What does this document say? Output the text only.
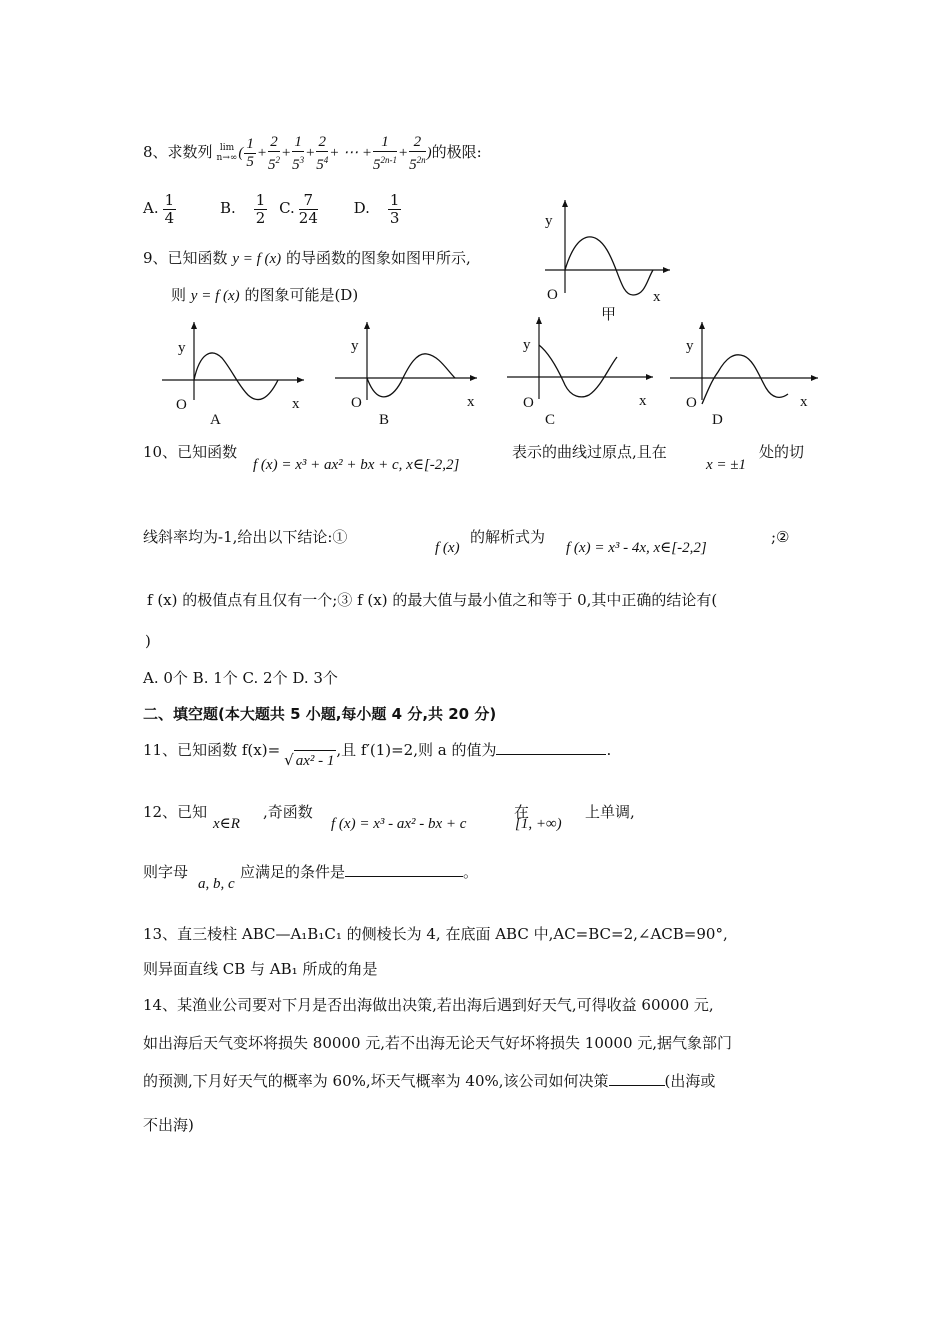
8、求数列 lim
n→∞ ( $\frac{1}{5} + \frac{2}{5^2} + \frac{1}{5^3} + \frac{2}{5^4}$ + ⋯ + $\frac{1}{5^{2n-1}} + \frac{2}{5^{2n}}$ )的极限:
A. $\frac{1}{4}$	B. $\frac{1}{2} C$. $\frac{7}{24} D$. $\frac{1}{3}$	y
O	x
甲
9、已知函数 y = f (x) 的导函数的图象如图甲所示,
则 y = f (x) 的图象可能是(D)
y
O	x
A
y
O	x
B
y
O	x
C
y
O	x
D
10、已知函数
f (x) = x³ + ax² + bx + c, x∈[-2,2]
表示的曲线过原点,且在
x = ±1
处的切
线斜率均为-1,给出以下结论:①
f (x)
的解析式为
f (x) = x³ - 4x, x∈[-2,2]
;②
f (x) 的极值点有且仅有一个;③ f (x) 的最大值与最小值之和等于 0,其中正确的结论有(
)
A. 0个 B. 1个 C. 2个 D. 3个
二、填空题(本大题共 5 小题,每小题 4 分,共 20 分)
11、已知函数 f(x)=√ ax² - 1,且 f′(1)=2,则 a 的值为	.
12、已知
x∈R
,奇函数
f (x) = x³ - ax² - bx + c
在
[1, +∞)
上单调,
则字母
a, b, c
应满足的条件是	。
13、直三棱柱 ABC—A₁B₁C₁ 的侧棱长为 4, 在底面 ABC 中,AC=BC=2,∠ACB=90°,
则异面直线 CB 与 AB₁ 所成的角是
14、某渔业公司要对下月是否出海做出决策,若出海后遇到好天气,可得收益 60000 元,
如出海后天气变坏将损失 80000 元,若不出海无论天气好坏将损失 10000 元,据气象部门
的预测,下月好天气的概率为 60%,坏天气概率为 40%,该公司如何决策	(出海或
不出海)
